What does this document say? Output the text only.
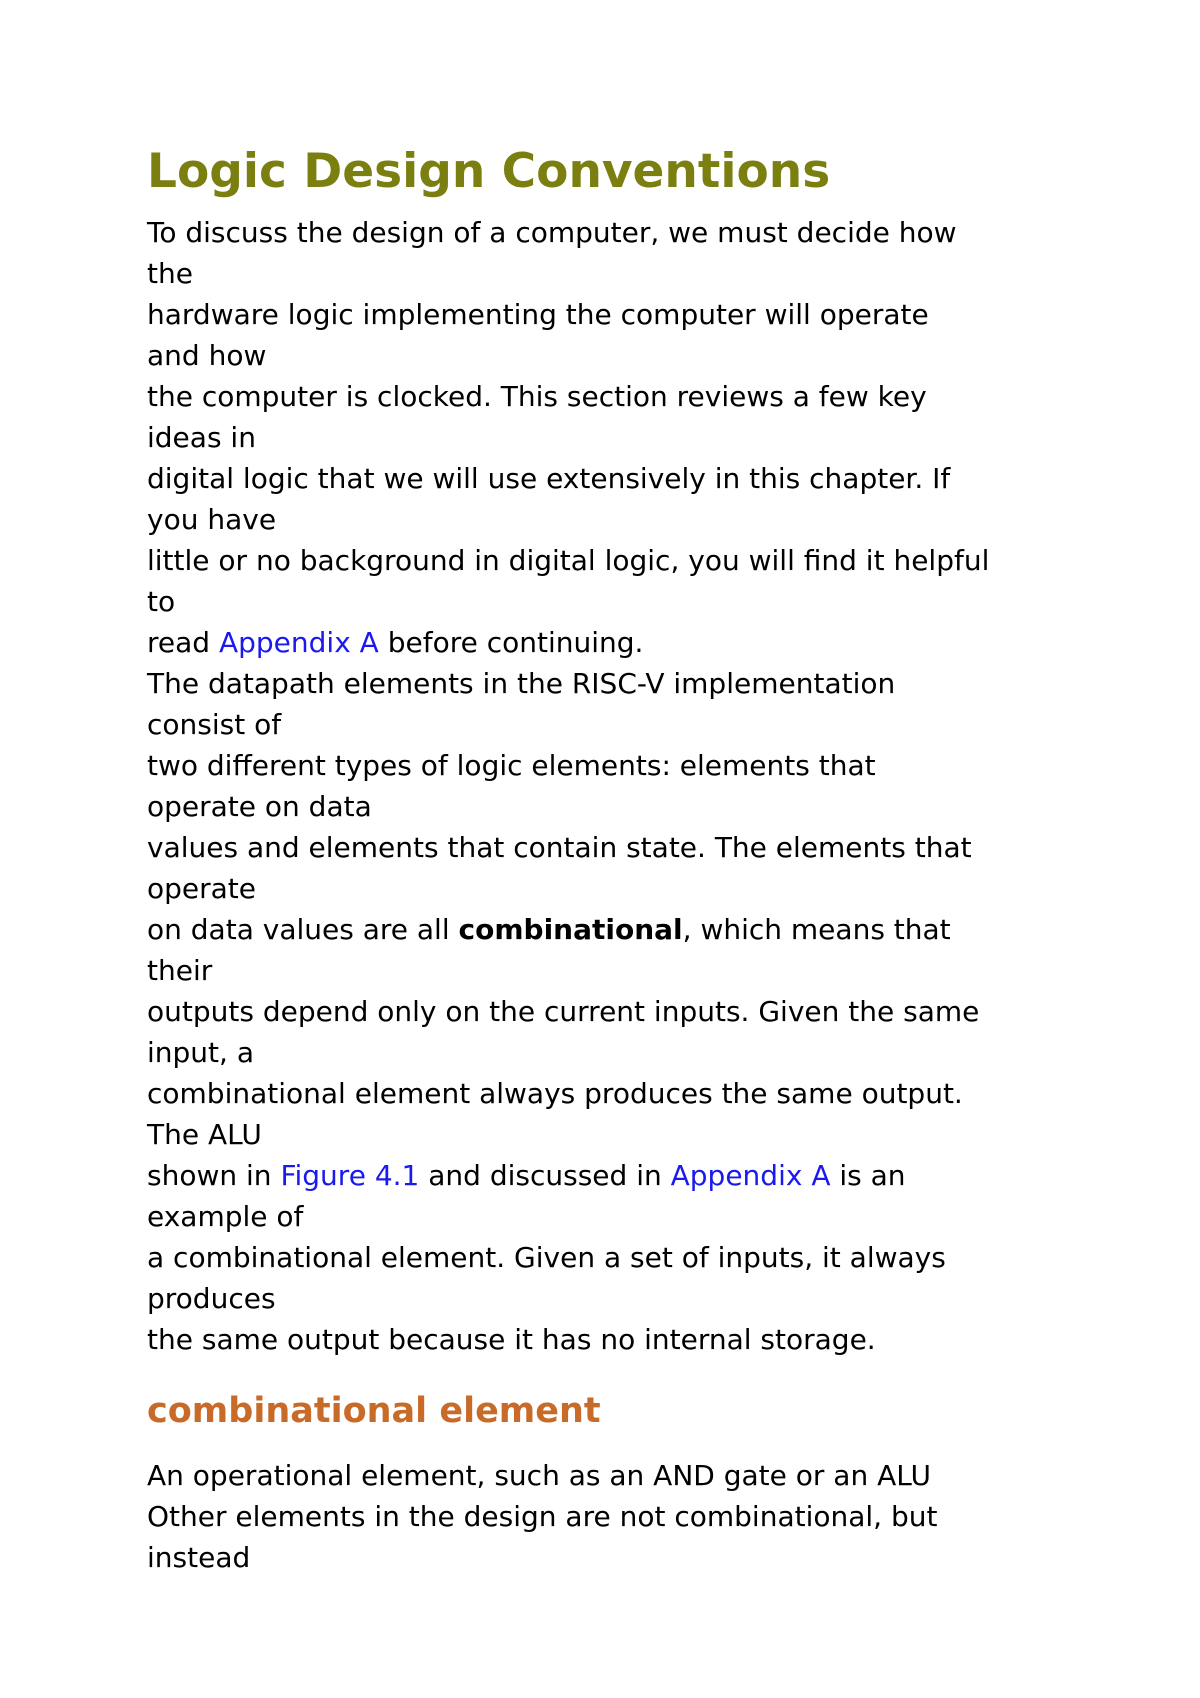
Logic Design Conventions

To discuss the design of a computer, we must decide how

the

hardware logic implementing the computer will operate

and how

the computer is clocked. This section reviews a few key

ideas in

digital logic that we will use extensively in this chapter. If

you have

little or no background in digital logic, you will find it helpful

to

read Appendix A before continuing.

The datapath elements in the RISC-V implementation

consist of

two different types of logic elements: elements that

operate on data

values and elements that contain state. The elements that

operate

on data values are all combinational, which means that

their

outputs depend only on the current inputs. Given the same

input, a

combinational element always produces the same output.

The ALU

shown in Figure 4.1 and discussed in Appendix A is an

example of

a combinational element. Given a set of inputs, it always

produces

the same output because it has no internal storage.

combinational element

An operational element, such as an AND gate or an ALU

Other elements in the design are not combinational, but

instead
